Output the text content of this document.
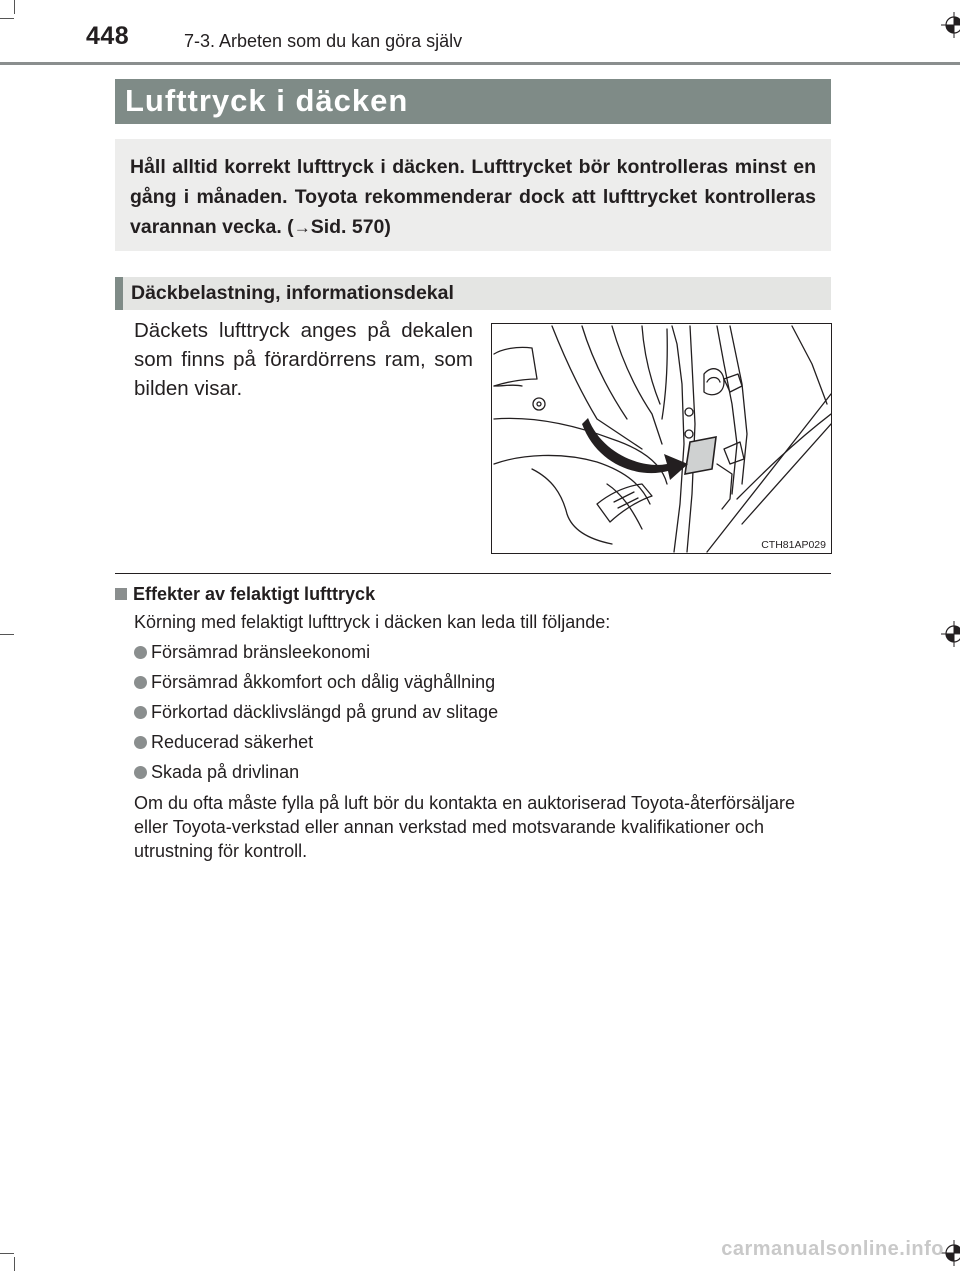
448	7-3. Arbeten som du kan göra själv
Lufttryck i däcken
Håll alltid korrekt lufttryck i däcken. Lufttrycket bör kontrolleras minst en gång i månaden. Toyota rekommenderar dock att lufttrycket kontrolleras varannan vecka. (→Sid. 570)
Däckbelastning, informationsdekal
Däckets lufttryck anges på dekalen som finns på förardörrens ram, som bilden visar.
CTH81AP029
Effekter av felaktigt lufttryck
Körning med felaktigt lufttryck i däcken kan leda till följande:
Försämrad bränsleekonomi
Försämrad åkkomfort och dålig väghållning
Förkortad däcklivslängd på grund av slitage
Reducerad säkerhet
Skada på drivlinan
Om du ofta måste fylla på luft bör du kontakta en auktoriserad Toyota-återförsäljare eller Toyota-verkstad eller annan verkstad med motsvarande kvalifikationer och utrustning för kontroll.
carmanualsonline.info
